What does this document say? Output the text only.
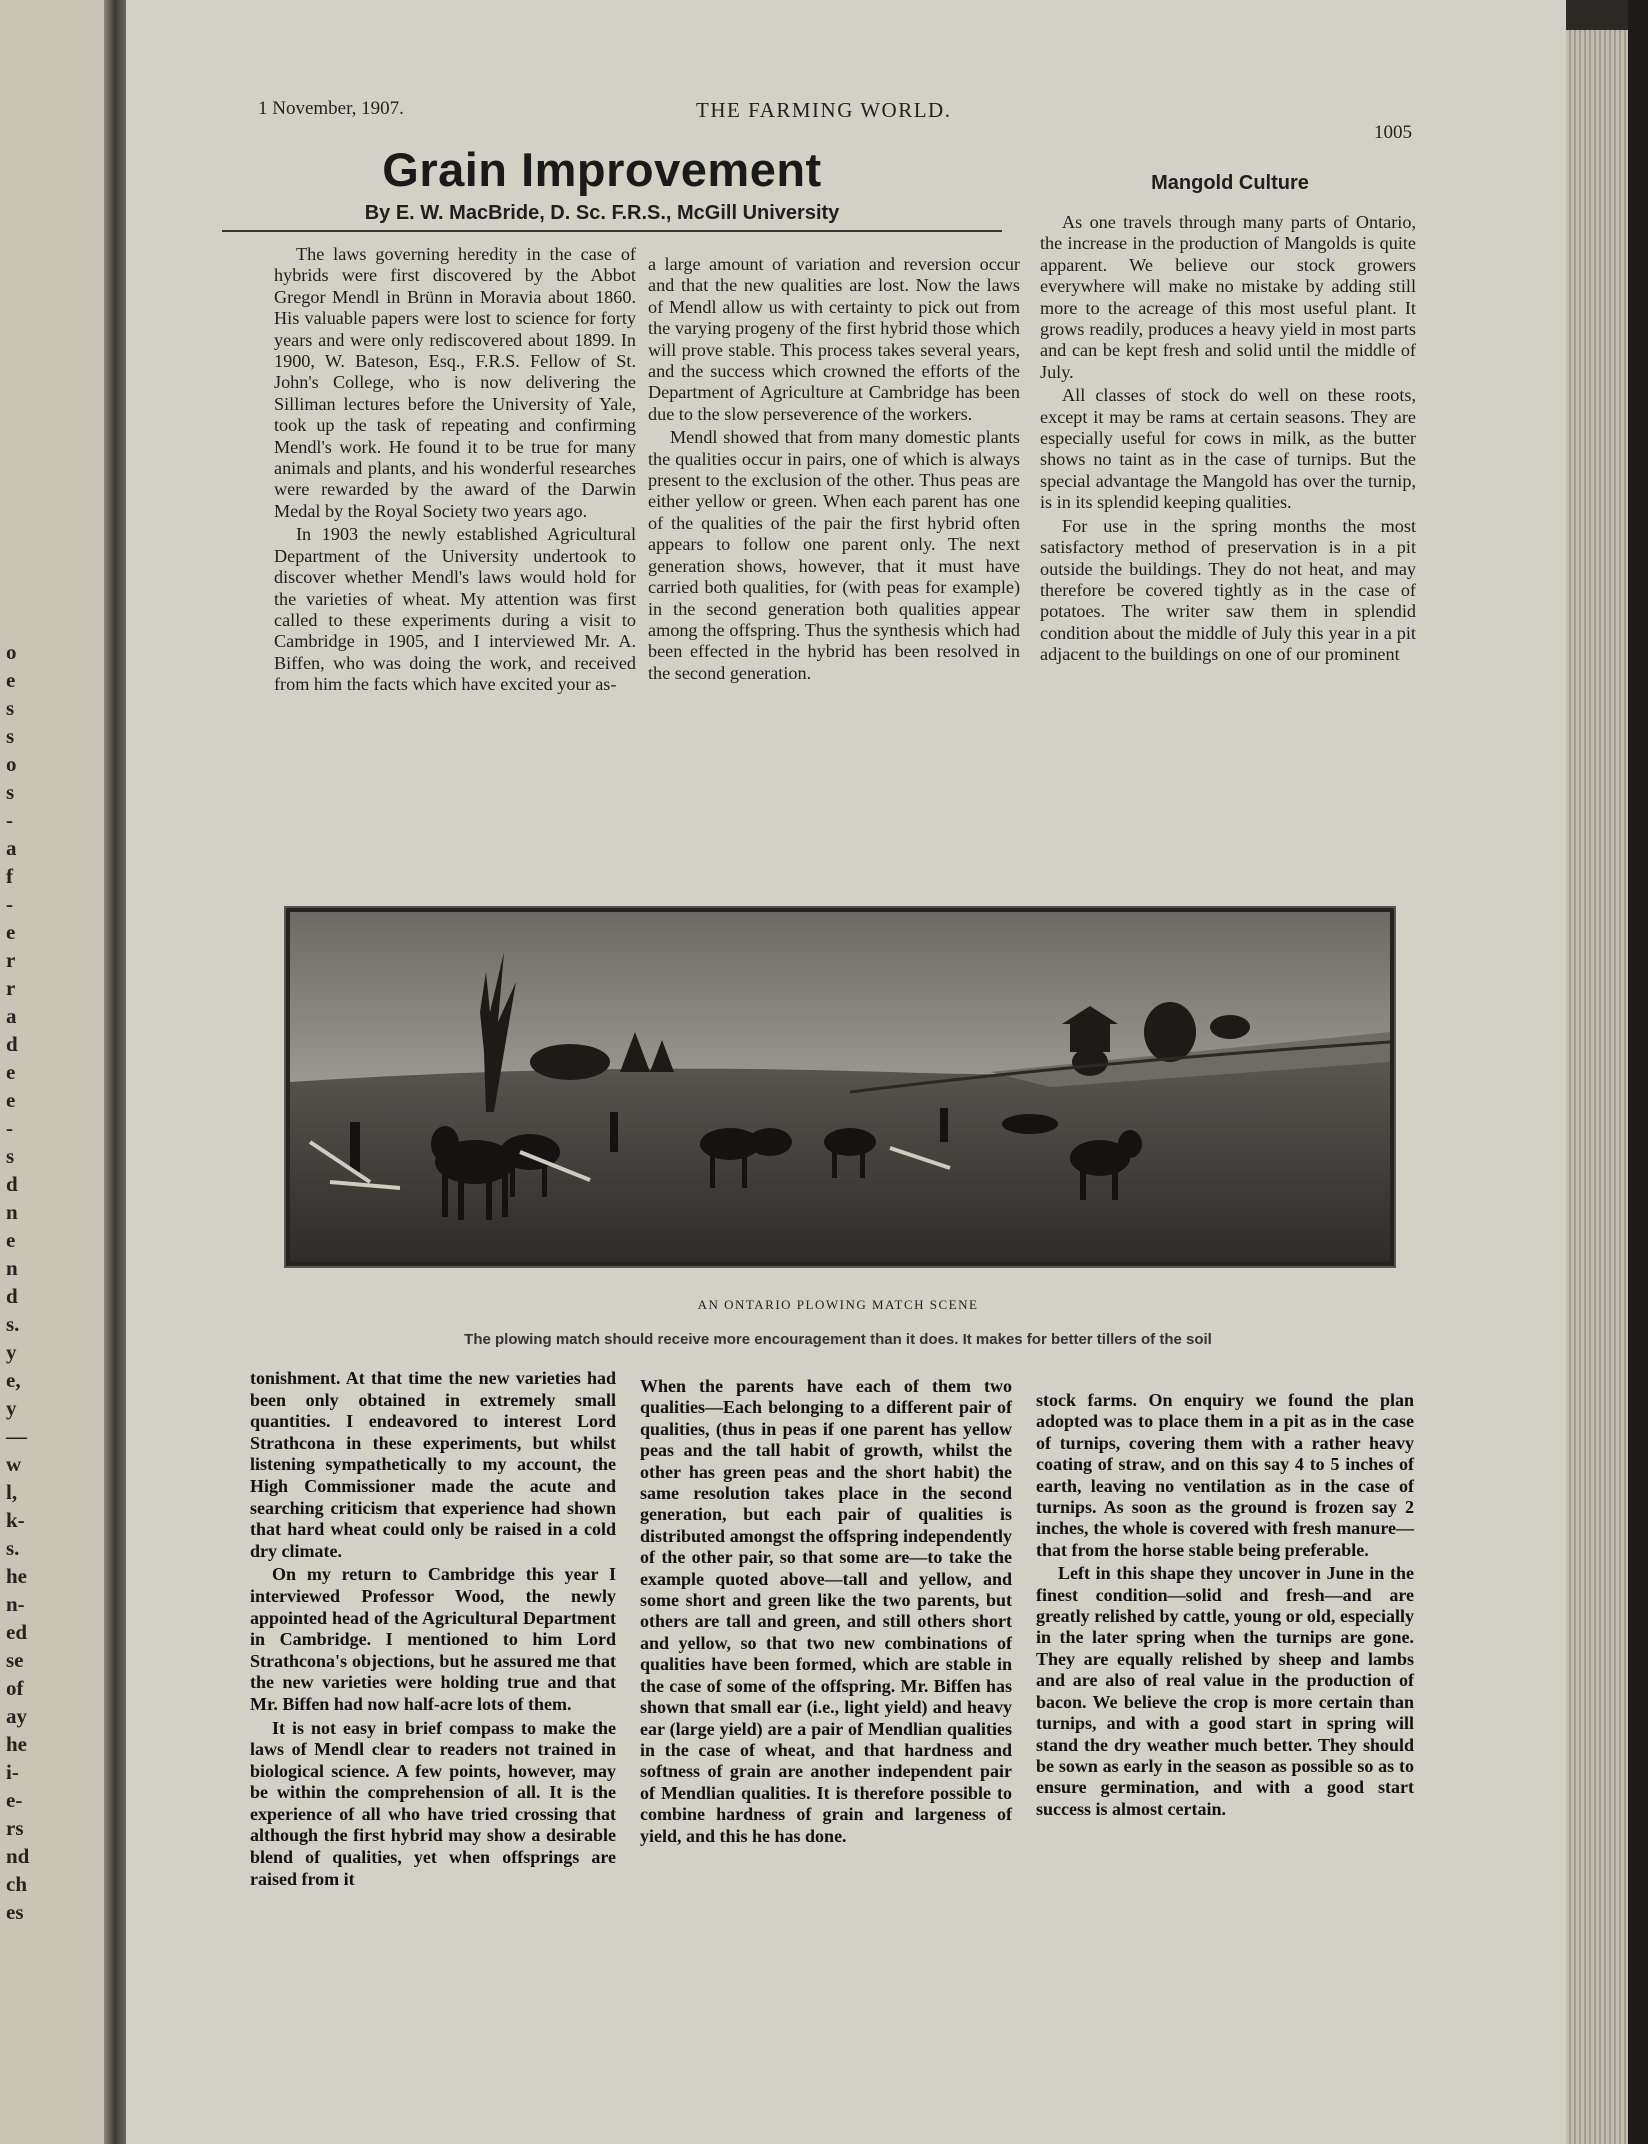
o
e
s
s
o
s
-
a
f
-
e
r
r
a
d
e
e
-
s
d
n
e
n
d
s.
y
e,
y
—
w
l,
k-
s.
he
n-
ed
se
of
ay
he
i-
e-
rs
nd
ch
es
1 November, 1907.	THE FARMING WORLD.
1005
Grain Improvement
By E. W. MacBride, D. Sc. F.R.S., McGill University
Mangold Culture

The laws governing heredity in the case of hybrids were first discovered by the Abbot Gregor Mendl in Brünn in Moravia about 1860. His valuable papers were lost to science for forty years and were only rediscovered about 1899. In 1900, W. Bateson, Esq., F.R.S. Fellow of St. John's College, who is now delivering the Silliman lectures before the University of Yale, took up the task of repeating and confirming Mendl's work. He found it to be true for many animals and plants, and his wonderful researches were rewarded by the award of the Darwin Medal by the Royal Society two years ago.

In 1903 the newly established Agricultural Department of the University undertook to discover whether Mendl's laws would hold for the varieties of wheat. My attention was first called to these experiments during a visit to Cambridge in 1905, and I interviewed Mr. A. Biffen, who was doing the work, and received from him the facts which have excited your as-

a large amount of variation and reversion occur and that the new qualities are lost. Now the laws of Mendl allow us with certainty to pick out from the varying progeny of the first hybrid those which will prove stable. This process takes several years, and the success which crowned the efforts of the Department of Agriculture at Cambridge has been due to the slow perseverence of the workers.

Mendl showed that from many domestic plants the qualities occur in pairs, one of which is always present to the exclusion of the other. Thus peas are either yellow or green. When each parent has one of the qualities of the pair the first hybrid often appears to follow one parent only. The next generation shows, however, that it must have carried both qualities, for (with peas for example) in the second generation both qualities appear among the offspring. Thus the synthesis which had been effected in the hybrid has been resolved in the second generation.

As one travels through many parts of Ontario, the increase in the production of Mangolds is quite apparent. We believe our stock growers everywhere will make no mistake by adding still more to the acreage of this most useful plant. It grows readily, produces a heavy yield in most parts and can be kept fresh and solid until the middle of July.

All classes of stock do well on these roots, except it may be rams at certain seasons. They are especially useful for cows in milk, as the butter shows no taint as in the case of turnips. But the special advantage the Mangold has over the turnip, is in its splendid keeping qualities.

For use in the spring months the most satisfactory method of preservation is in a pit outside the buildings. They do not heat, and may therefore be covered tightly as in the case of potatoes. The writer saw them in splendid condition about the middle of July this year in a pit adjacent to the buildings on one of our prominent

AN ONTARIO PLOWING MATCH SCENE
The plowing match should receive more encouragement than it does. It makes for better tillers of the soil

tonishment. At that time the new varieties had been only obtained in extremely small quantities. I endeavored to interest Lord Strathcona in these experiments, but whilst listening sympathetically to my account, the High Commissioner made the acute and searching criticism that experience had shown that hard wheat could only be raised in a cold dry climate.

On my return to Cambridge this year I interviewed Professor Wood, the newly appointed head of the Agricultural Department in Cambridge. I mentioned to him Lord Strathcona's objections, but he assured me that the new varieties were holding true and that Mr. Biffen had now half-acre lots of them.

It is not easy in brief compass to make the laws of Mendl clear to readers not trained in biological science. A few points, however, may be within the comprehension of all. It is the experience of all who have tried crossing that although the first hybrid may show a desirable blend of qualities, yet when offsprings are raised from it

When the parents have each of them two qualities—Each belonging to a different pair of qualities, (thus in peas if one parent has yellow peas and the tall habit of growth, whilst the other has green peas and the short habit) the same resolution takes place in the second generation, but each pair of qualities is distributed amongst the offspring independently of the other pair, so that some are—to take the example quoted above—tall and yellow, and some short and green like the two parents, but others are tall and green, and still others short and yellow, so that two new combinations of qualities have been formed, which are stable in the case of some of the offspring. Mr. Biffen has shown that small ear (i.e., light yield) and heavy ear (large yield) are a pair of Mendlian qualities in the case of wheat, and that hardness and softness of grain are another independent pair of Mendlian qualities. It is therefore possible to combine hardness of grain and largeness of yield, and this he has done.

stock farms. On enquiry we found the plan adopted was to place them in a pit as in the case of turnips, covering them with a rather heavy coating of straw, and on this say 4 to 5 inches of earth, leaving no ventilation as in the case of turnips. As soon as the ground is frozen say 2 inches, the whole is covered with fresh manure—that from the horse stable being preferable.

Left in this shape they uncover in June in the finest condition—solid and fresh—and are greatly relished by cattle, young or old, especially in the later spring when the turnips are gone. They are equally relished by sheep and lambs and are also of real value in the production of bacon. We believe the crop is more certain than turnips, and with a good start in spring will stand the dry weather much better. They should be sown as early in the season as possible so as to ensure germination, and with a good start success is almost certain.
